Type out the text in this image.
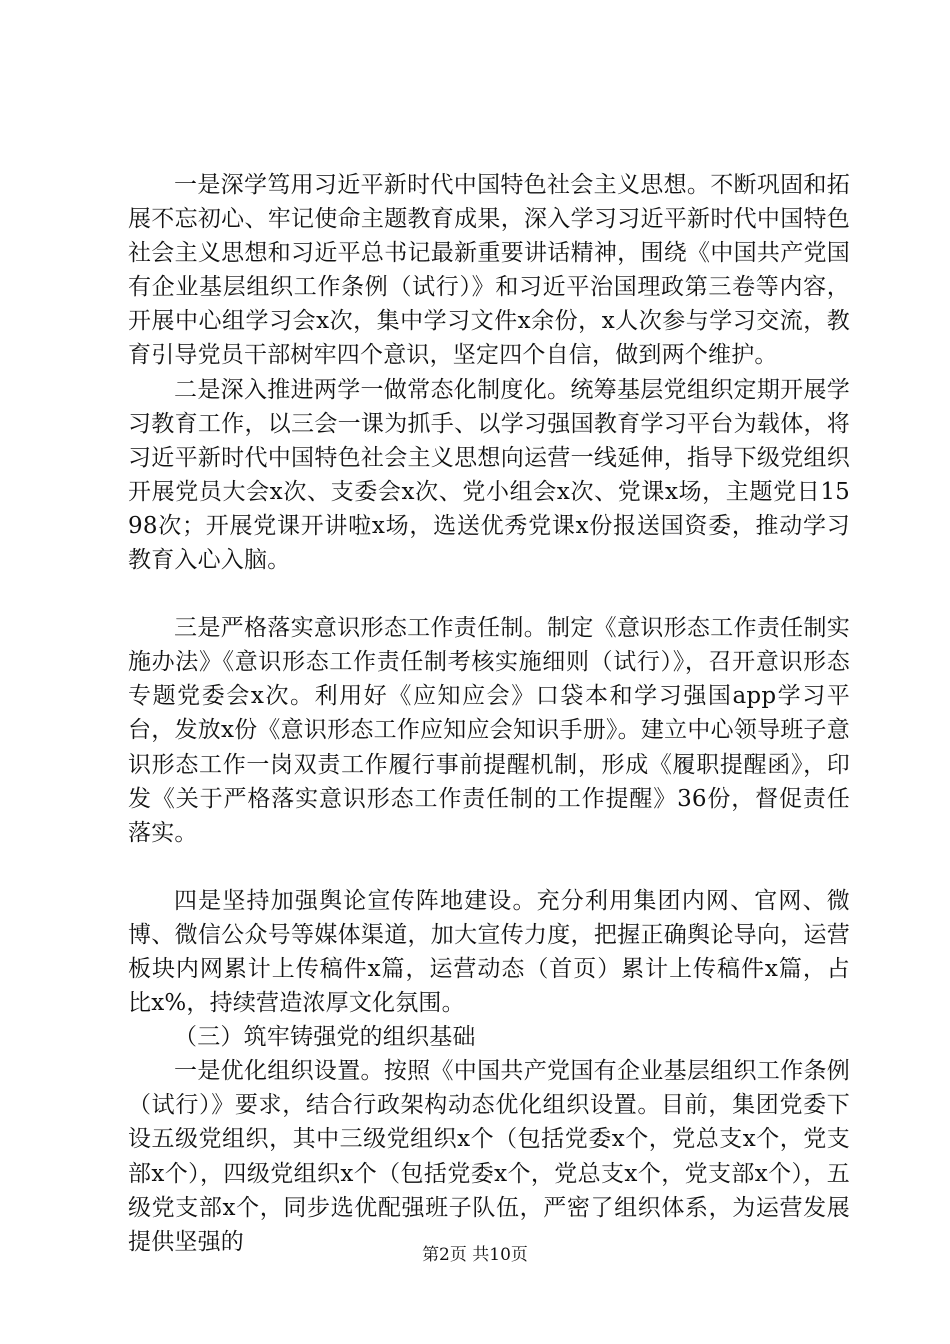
一是深学笃用习近平新时代中国特色社会主义思想。不断巩固和拓展不忘初心、牢记使命主题教育成果，深入学习习近平新时代中国特色社会主义思想和习近平总书记最新重要讲话精神，围绕《中国共产党国有企业基层组织工作条例（试行）》和习近平治国理政第三卷等内容，开展中心组学习会x次，集中学习文件x余份，x人次参与学习交流，教育引导党员干部树牢四个意识，坚定四个自信，做到两个维护。

二是深入推进两学一做常态化制度化。统筹基层党组织定期开展学习教育工作，以三会一课为抓手、以学习强国教育学习平台为载体，将习近平新时代中国特色社会主义思想向运营一线延伸，指导下级党组织开展党员大会x次、支委会x次、党小组会x次、党课x场，主题党日1598次；开展党课开讲啦x场，选送优秀党课x份报送国资委，推动学习教育入心入脑。

三是严格落实意识形态工作责任制。制定《意识形态工作责任制实施办法》《意识形态工作责任制考核实施细则（试行）》，召开意识形态专题党委会x次。利用好《应知应会》口袋本和学习强国app学习平台，发放x份《意识形态工作应知应会知识手册》。建立中心领导班子意识形态工作一岗双责工作履行事前提醒机制，形成《履职提醒函》，印发《关于严格落实意识形态工作责任制的工作提醒》36份，督促责任落实。

四是坚持加强舆论宣传阵地建设。充分利用集团内网、官网、微博、微信公众号等媒体渠道，加大宣传力度，把握正确舆论导向，运营板块内网累计上传稿件x篇，运营动态（首页）累计上传稿件x篇，占比x%，持续营造浓厚文化氛围。

（三）筑牢铸强党的组织基础

一是优化组织设置。按照《中国共产党国有企业基层组织工作条例（试行）》要求，结合行政架构动态优化组织设置。目前，集团党委下设五级党组织，其中三级党组织x个（包括党委x个，党总支x个，党支部x个），四级党组织x个（包括党委x个，党总支x个，党支部x个），五级党支部x个，同步选优配强班子队伍，严密了组织体系，为运营发展提供坚强的

第2页 共10页
